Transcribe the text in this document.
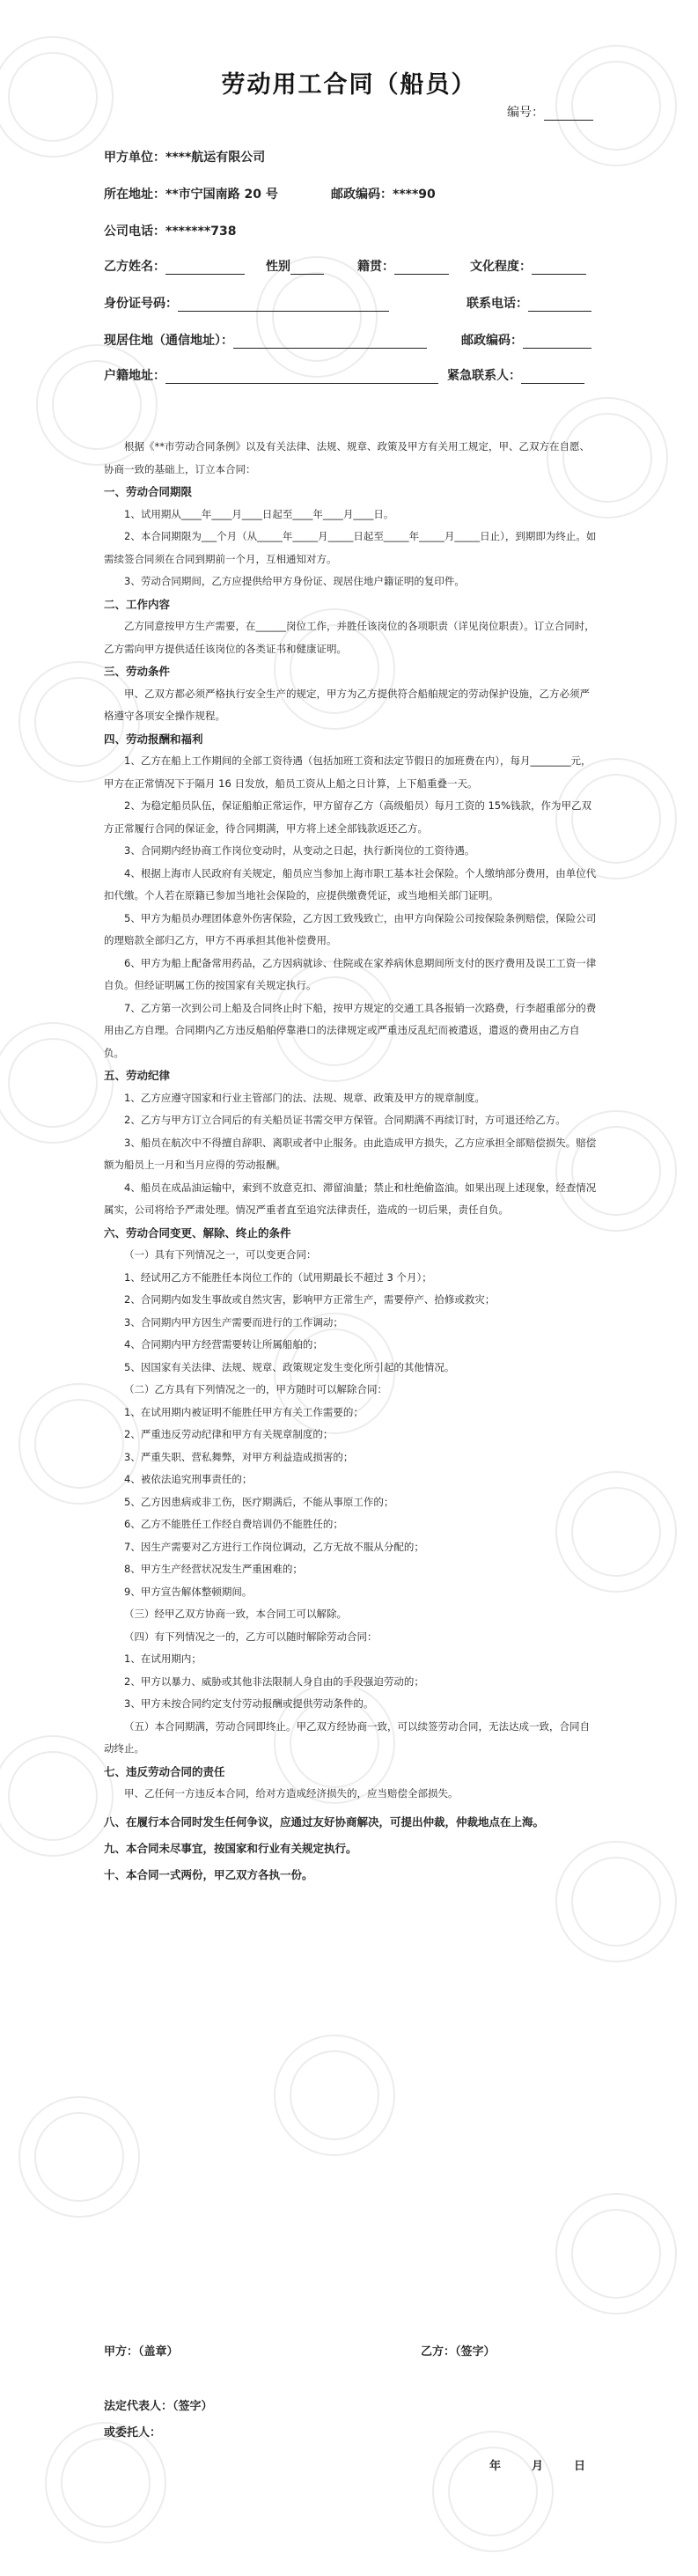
劳动用工合同（船员）
编号：
甲方单位：****航运有限公司
所在地址：**市宁国南路 20 号	邮政编码：****90
公司电话：*******738
乙方姓名：	性别	籍贯：	文化程度：
身份证号码：	联系电话：
现居住地（通信地址）：	邮政编码：
户籍地址：	紧急联系人：

根据《**市劳动合同条例》以及有关法律、法规、规章、政策及甲方有关用工规定，甲、乙双方在自愿、协商一致的基础上，订立本合同：

一、劳动合同期限

1、试用期从____年____月____日起至____年____月____日。

2、本合同期限为___个月（从_____年_____月_____日起至_____年_____月_____日止），到期即为终止。如需续签合同须在合同到期前一个月，互相通知对方。

3、劳动合同期间，乙方应提供给甲方身份证、现居住地户籍证明的复印件。

二、工作内容

乙方同意按甲方生产需要，在______岗位工作，并胜任该岗位的各项职责（详见岗位职责）。订立合同时，乙方需向甲方提供适任该岗位的各类证书和健康证明。

三、劳动条件

甲、乙双方都必须严格执行安全生产的规定，甲方为乙方提供符合船舶规定的劳动保护设施，乙方必须严格遵守各项安全操作规程。

四、劳动报酬和福利

1、乙方在船上工作期间的全部工资待遇（包括加班工资和法定节假日的加班费在内），每月________元，甲方在正常情况下于隔月 16 日发放，船员工资从上船之日计算，上下船重叠一天。

2、为稳定船员队伍，保证船舶正常运作，甲方留存乙方（高级船员）每月工资的 15%钱款，作为甲乙双方正常履行合同的保证金，待合同期满，甲方将上述全部钱款返还乙方。

3、合同期内经协商工作岗位变动时，从变动之日起，执行新岗位的工资待遇。

4、根据上海市人民政府有关规定，船员应当参加上海市职工基本社会保险。个人缴纳部分费用，由单位代扣代缴。个人若在原籍已参加当地社会保险的，应提供缴费凭证，或当地相关部门证明。

5、甲方为船员办理团体意外伤害保险，乙方因工致残致亡，由甲方向保险公司按保险条例赔偿，保险公司的理赔款全部归乙方，甲方不再承担其他补偿费用。

6、甲方为船上配备常用药品，乙方因病就诊、住院或在家养病休息期间所支付的医疗费用及误工工资一律自负。但经证明属工伤的按国家有关规定执行。

7、乙方第一次到公司上船及合同终止时下船，按甲方规定的交通工具各报销一次路费，行李超重部分的费用由乙方自理。合同期内乙方违反船舶停靠港口的法律规定或严重违反乱纪而被遣返，遣返的费用由乙方自负。

五、劳动纪律

1、乙方应遵守国家和行业主管部门的法、法规、规章、政策及甲方的规章制度。

2、乙方与甲方订立合同后的有关船员证书需交甲方保管。合同期满不再续订时，方可退还给乙方。

3、船员在航次中不得擅自辞职、离职或者中止服务。由此造成甲方损失，乙方应承担全部赔偿损失。赔偿额为船员上一月和当月应得的劳动报酬。

4、船员在成品油运输中，索到不放意克扣、滞留油量；禁止和杜绝偷盗油。如果出现上述现象，经查情况属实，公司将给予严肃处理。情况严重者直至追究法律责任，造成的一切后果，责任自负。

六、劳动合同变更、解除、终止的条件

（一）具有下列情况之一，可以变更合同：

1、经试用乙方不能胜任本岗位工作的（试用期最长不超过 3 个月）；

2、合同期内如发生事故或自然灾害，影响甲方正常生产，需要停产、拾修或救灾；

3、合同期内甲方因生产需要而进行的工作调动；

4、合同期内甲方经营需要转让所属船舶的；

5、因国家有关法律、法规、规章、政策规定发生变化所引起的其他情况。

（二）乙方具有下列情况之一的，甲方随时可以解除合同：

1、在试用期内被证明不能胜任甲方有关工作需要的；

2、严重违反劳动纪律和甲方有关规章制度的；

3、严重失职、营私舞弊，对甲方利益造成损害的；

4、被依法追究刑事责任的；

5、乙方因患病或非工伤，医疗期满后，不能从事原工作的；

6、乙方不能胜任工作经自费培训仍不能胜任的；

7、因生产需要对乙方进行工作岗位调动，乙方无故不服从分配的；

8、甲方生产经营状况发生严重困难的；

9、甲方宣告解体整顿期间。

（三）经甲乙双方协商一致，本合同工可以解除。

（四）有下列情况之一的，乙方可以随时解除劳动合同：

1、在试用期内；

2、甲方以暴力、威胁或其他非法限制人身自由的手段强迫劳动的；

3、甲方未按合同约定支付劳动报酬或提供劳动条件的。

（五）本合同期满，劳动合同即终止。甲乙双方经协商一致，可以续签劳动合同，无法达成一致，合同自动终止。

七、违反劳动合同的责任

甲、乙任何一方违反本合同，给对方造成经济损失的，应当赔偿全部损失。

八、在履行本合同时发生任何争议，应通过友好协商解决，可提出仲裁，仲裁地点在上海。

九、本合同未尽事宜，按国家和行业有关规定执行。

十、本合同一式两份，甲乙双方各执一份。

甲方：（盖章）	乙方：（签字）
法定代表人：（签字）
或委托人：
年	月	日
